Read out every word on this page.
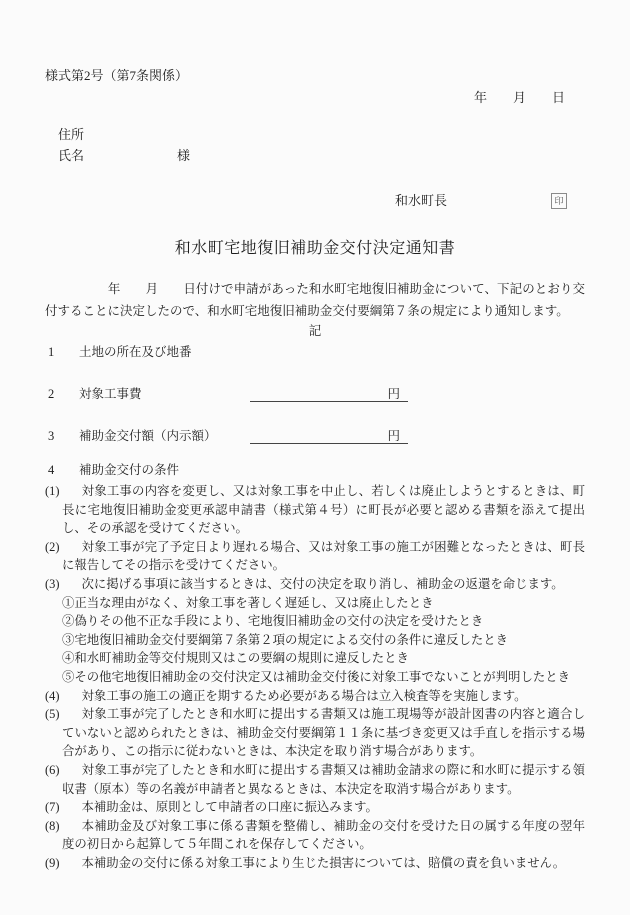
様式第2号（第7条関係）
年　　月　　日
住所
氏名	様
和水町長	印
和水町宅地復旧補助金交付決定通知書
　　　　　年　　月　　日付けで申請があった和水町宅地復旧補助金について、下記のとおり交付することに決定したので、和水町宅地復旧補助金交付要綱第７条の規定により通知します。
記
1 土地の所在及び地番
2 対象工事費	円
3 補助金交付額（内示額）	円
4 補助金交付の条件

(1) 対象工事の内容を変更し、又は対象工事を中止し、若しくは廃止しようとするときは、町長に宅地復旧補助金変更承認申請書（様式第４号）に町長が必要と認める書類を添えて提出し、その承認を受けてください。

(2) 対象工事が完了予定日より遅れる場合、又は対象工事の施工が困難となったときは、町長に報告してその指示を受けてください。

(3) 次に掲げる事項に該当するときは、交付の決定を取り消し、補助金の返還を命じます。

①正当な理由がなく、対象工事を著しく遅延し、又は廃止したとき

②偽りその他不正な手段により、宅地復旧補助金の交付の決定を受けたとき

③宅地復旧補助金交付要綱第７条第２項の規定による交付の条件に違反したとき

④和水町補助金等交付規則又はこの要綱の規則に違反したとき

⑤その他宅地復旧補助金の交付決定又は補助金交付後に対象工事でないことが判明したとき

(4) 対象工事の施工の適正を期するため必要がある場合は立入検査等を実施します。

(5) 対象工事が完了したとき和水町に提出する書類又は施工現場等が設計図書の内容と適合していないと認められたときは、補助金交付要綱第１１条に基づき変更又は手直しを指示する場合があり、この指示に従わないときは、本決定を取り消す場合があります。

(6) 対象工事が完了したとき和水町に提出する書類又は補助金請求の際に和水町に提示する領収書（原本）等の名義が申請者と異なるときは、本決定を取消す場合があります。

(7) 本補助金は、原則として申請者の口座に振込みます。

(8) 本補助金及び対象工事に係る書類を整備し、補助金の交付を受けた日の属する年度の翌年度の初日から起算して５年間これを保存してください。

(9) 本補助金の交付に係る対象工事により生じた損害については、賠償の責を負いません。
